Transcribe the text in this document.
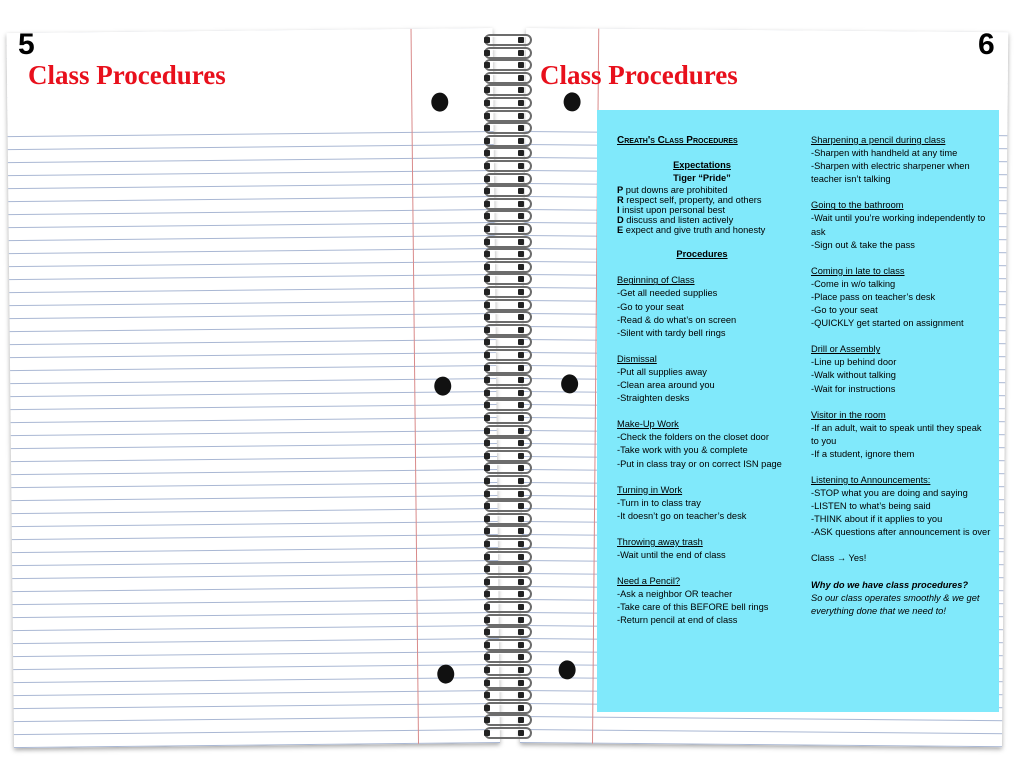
5	6
Class Procedures	Class Procedures
Creath's Class Procedures
Expectations
Tiger “Pride”
P put downs are prohibited
R respect self, property, and others
I insist upon personal best
D discuss and listen actively
E expect and give truth and honesty
Procedures
Beginning of Class
-Get all needed supplies
-Go to your seat
-Read & do what’s on screen
-Silent with tardy bell rings
Dismissal
-Put all supplies away
-Clean area around you
-Straighten desks
Make-Up Work
-Check the folders on the closet door
-Take work with you & complete
-Put in class tray or on correct ISN page
Turning in Work
-Turn in to class tray
-It doesn’t go on teacher’s desk
Throwing away trash
-Wait until the end of class
Need a Pencil?
-Ask a neighbor OR teacher
-Take care of this BEFORE bell rings
-Return pencil at end of class
Sharpening a pencil during class
-Sharpen with handheld at any time
-Sharpen with electric sharpener when teacher isn’t talking
Going to the bathroom
-Wait until you’re working independently to ask
-Sign out & take the pass
Coming in late to class
-Come in w/o talking
-Place pass on teacher’s desk
-Go to your seat
-QUICKLY get started on assignment
Drill or Assembly
-Line up behind door
-Walk without talking
-Wait for instructions
Visitor in the room
-If an adult, wait to speak until they speak to you
-If a student, ignore them
Listening to Announcements:
-STOP what you are doing and saying
-LISTEN to what’s being said
-THINK about if it applies to you
-ASK questions after announcement is over
Class → Yes!
Why do we have class procedures?
So our class operates smoothly & we get everything done that we need to!
